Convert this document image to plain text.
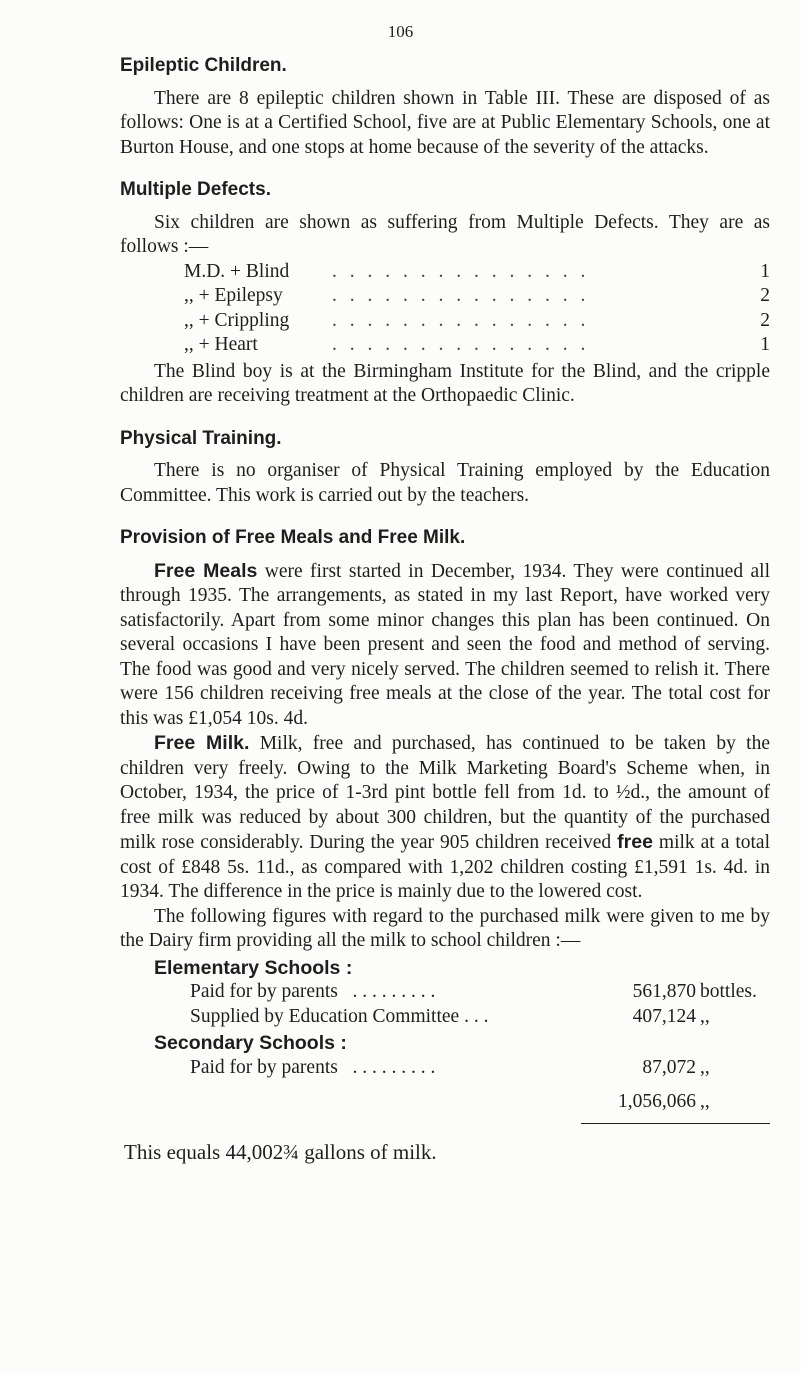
106
Epileptic Children.

There are 8 epileptic children shown in Table III. These are disposed of as follows: One is at a Certified School, five are at Public Elementary Schools, one at Burton House, and one stops at home because of the severity of the attacks.

Multiple Defects.

Six children are shown as suffering from Multiple Defects. They are as follows :—

M.D. + Blind	. . . . . . . . . . . . . . .	1
,, + Epilepsy	. . . . . . . . . . . . . . .	2
,, + Crippling	. . . . . . . . . . . . . . .	2
,, + Heart	. . . . . . . . . . . . . . .	1

The Blind boy is at the Birmingham Institute for the Blind, and the cripple children are receiving treatment at the Orthopaedic Clinic.

Physical Training.

There is no organiser of Physical Training employed by the Education Committee. This work is carried out by the teachers.

Provision of Free Meals and Free Milk.

Free Meals were first started in December, 1934. They were continued all through 1935. The arrangements, as stated in my last Report, have worked very satisfactorily. Apart from some minor changes this plan has been continued. On several occasions I have been present and seen the food and method of serving. The food was good and very nicely served. The children seemed to relish it. There were 156 children receiving free meals at the close of the year. The total cost for this was £1,054 10s. 4d.

Free Milk. Milk, free and purchased, has continued to be taken by the children very freely. Owing to the Milk Marketing Board's Scheme when, in October, 1934, the price of 1-3rd pint bottle fell from 1d. to ½d., the amount of free milk was reduced by about 300 children, but the quantity of the purchased milk rose considerably. During the year 905 children received free milk at a total cost of £848 5s. 11d., as compared with 1,202 children costing £1,591 1s. 4d. in 1934. The difference in the price is mainly due to the lowered cost.

The following figures with regard to the purchased milk were given to me by the Dairy firm providing all the milk to school children :—

Elementary Schools :
Paid for by parents . . . . . . . . .	561,870 bottles.
Supplied by Education Committee . . .	407,124 ,,
Secondary Schools :
Paid for by parents . . . . . . . . .	87,072 ,,
1,056,066 ,,
This equals 44,002¾ gallons of milk.
